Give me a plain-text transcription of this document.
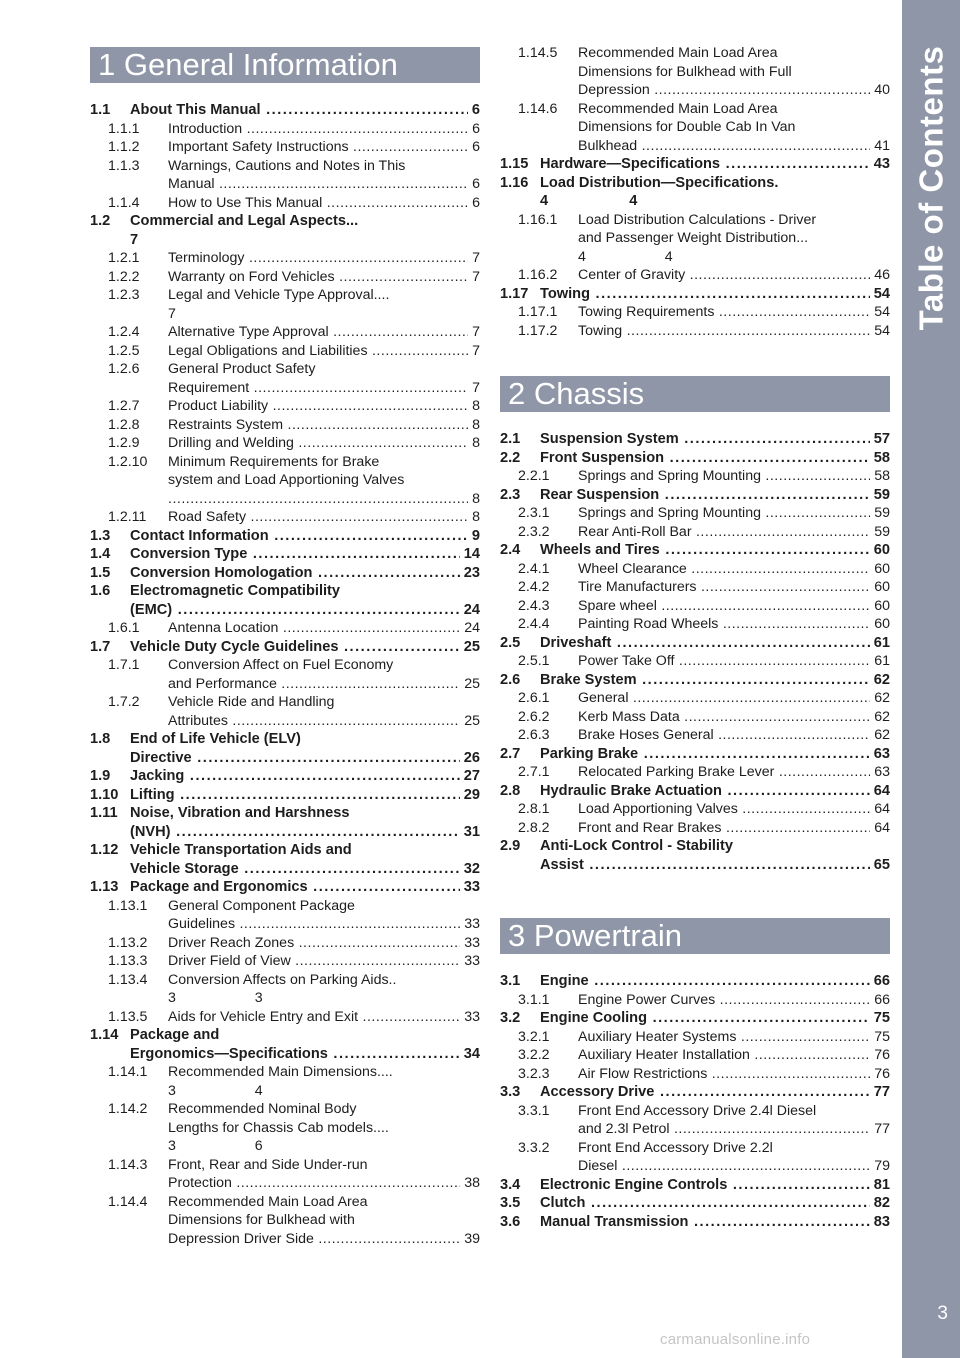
Table of Contents
3
carmanualsonline.info
1 General Information
1.1	About This Manual .....	6
1.1.1	Introduction .....	6
1.1.2	Important Safety Instructions .....	6
1.1.3	Warnings, Cautions and Notes in This
Manual .....	6
1.1.4	How to Use This Manual .....	6
1.2	Commercial and Legal Aspects...
7
1.2.1	Terminology .....	7
1.2.2	Warranty on Ford Vehicles .....	7
1.2.3	Legal and Vehicle Type Approval....
7
1.2.4	Alternative Type Approval .....	7
1.2.5	Legal Obligations and Liabilities .....	7
1.2.6	General Product Safety
Requirement .....	7
1.2.7	Product Liability .....	8
1.2.8	Restraints System .....	8
1.2.9	Drilling and Welding .....	8
1.2.10	Minimum Requirements for Brake
system and Load Apportioning Valves
.....
8
1.2.11	Road Safety .....	8
1.3	Contact Information .....	9
1.4	Conversion Type .....	14
1.5	Conversion Homologation .....	23
1.6	Electromagnetic Compatibility
(EMC) .....	24
1.6.1	Antenna Location .....	24
1.7	Vehicle Duty Cycle Guidelines .....	25
1.7.1	Conversion Affect on Fuel Economy
and Performance .....	25
1.7.2	Vehicle Ride and Handling
Attributes .....	25
1.8	End of Life Vehicle (ELV)
Directive .....	26
1.9	Jacking .....	27
1.10 Lifting .....	29
1.11 Noise, Vibration and Harshness
(NVH) .....	31
1.12 Vehicle Transportation Aids and
Vehicle Storage .....	32
1.13 Package and Ergonomics .....	33
1.13.1	General Component Package
Guidelines .....	33
1.13.2	Driver Reach Zones .....	33
1.13.3	Driver Field of View .....	33
1.13.4	Conversion Affects on Parking Aids..
3                    3
1.13.5	Aids for Vehicle Entry and Exit .....	33
1.14 Package and
Ergonomics—Specifications .....	34
1.14.1	Recommended Main Dimensions....
3                    4
1.14.2	Recommended Nominal Body
Lengths for Chassis Cab models....
3                    6
1.14.3	Front, Rear and Side Under-run
Protection .....	38
1.14.4	Recommended Main Load Area
Dimensions for Bulkhead with
Depression Driver Side .....	39
1.14.5	Recommended Main Load Area
Dimensions for Bulkhead with Full
Depression .....	40
1.14.6	Recommended Main Load Area
Dimensions for Double Cab In Van
Bulkhead .....	41
1.15 Hardware—Specifications .....	43
1.16 Load Distribution—Specifications.
4                    4
1.16.1	Load Distribution Calculations - Driver
and Passenger Weight Distribution...
4                    4
1.16.2	Center of Gravity .....	46
1.17 Towing .....	54
1.17.1	Towing Requirements .....	54
1.17.2	Towing .....	54
2 Chassis
2.1	Suspension System .....	57
2.2	Front Suspension .....	58
2.2.1	Springs and Spring Mounting .....	58
2.3	Rear Suspension .....	59
2.3.1	Springs and Spring Mounting .....	59
2.3.2	Rear Anti-Roll Bar .....	59
2.4	Wheels and Tires .....	60
2.4.1	Wheel Clearance .....	60
2.4.2	Tire Manufacturers .....	60
2.4.3	Spare wheel .....	60
2.4.4	Painting Road Wheels .....	60
2.5	Driveshaft .....	61
2.5.1	Power Take Off .....	61
2.6	Brake System .....	62
2.6.1	General .....	62
2.6.2	Kerb Mass Data .....	62
2.6.3	Brake Hoses General .....	62
2.7	Parking Brake .....	63
2.7.1	Relocated Parking Brake Lever .....	63
2.8	Hydraulic Brake Actuation .....	64
2.8.1	Load Apportioning Valves .....	64
2.8.2	Front and Rear Brakes .....	64
2.9	Anti-Lock Control - Stability
Assist .....	65
3 Powertrain
3.1	Engine .....	66
3.1.1	Engine Power Curves .....	66
3.2	Engine Cooling .....	75
3.2.1	Auxiliary Heater Systems .....	75
3.2.2	Auxiliary Heater Installation .....	76
3.2.3	Air Flow Restrictions .....	76
3.3	Accessory Drive .....	77
3.3.1	Front End Accessory Drive 2.4l Diesel
and 2.3l Petrol .....	77
3.3.2	Front End Accessory Drive 2.2l
Diesel .....	79
3.4	Electronic Engine Controls .....	81
3.5	Clutch .....	82
3.6	Manual Transmission .....	83
